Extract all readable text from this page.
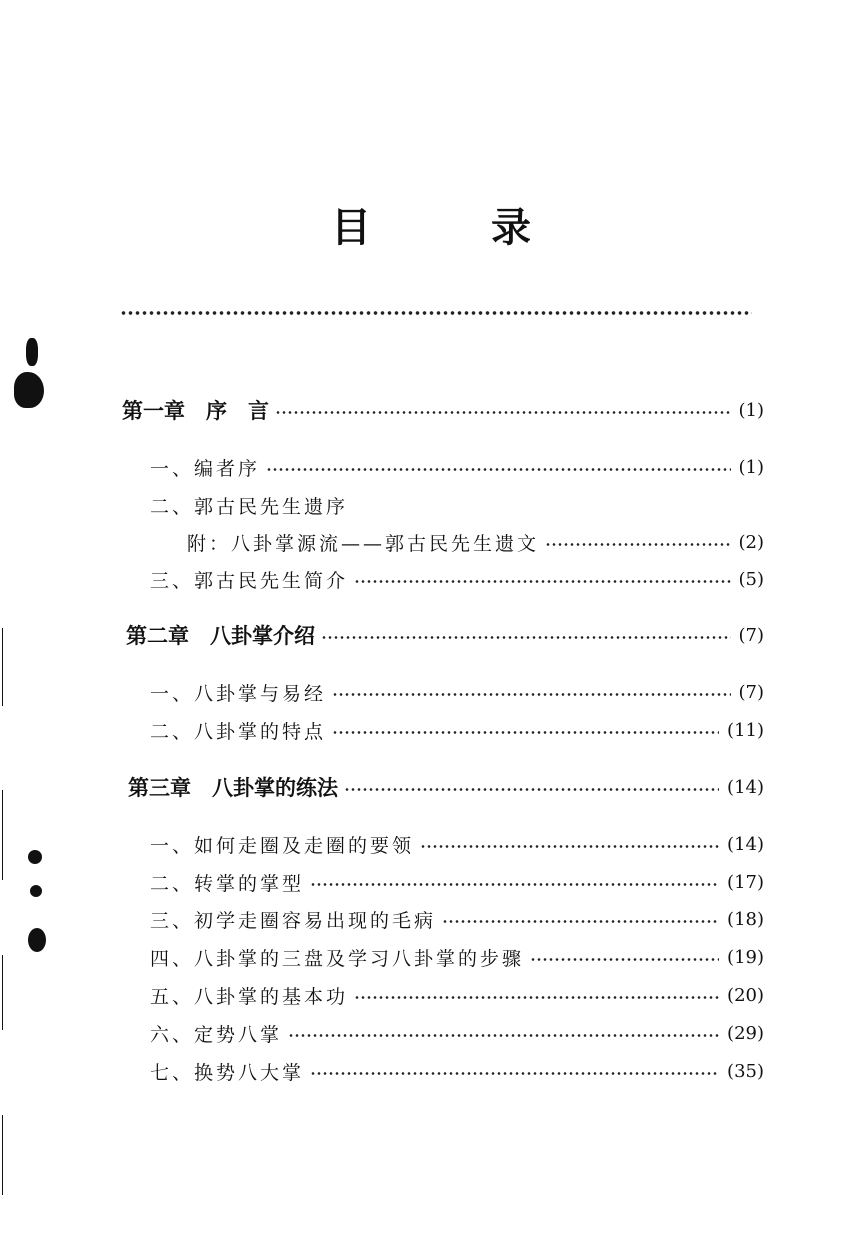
目	录
第一章　序　言	(1)
一、编者序	(1)
二、郭古民先生遗序
附：八卦掌源流——郭古民先生遗文	(2)
三、郭古民先生简介	(5)
第二章　八卦掌介绍	(7)
一、八卦掌与易经	(7)
二、八卦掌的特点	(11)
第三章　八卦掌的练法	(14)
一、如何走圈及走圈的要领	(14)
二、转掌的掌型	(17)
三、初学走圈容易出现的毛病	(18)
四、八卦掌的三盘及学习八卦掌的步骤	(19)
五、八卦掌的基本功	(20)
六、定势八掌	(29)
七、换势八大掌	(35)
